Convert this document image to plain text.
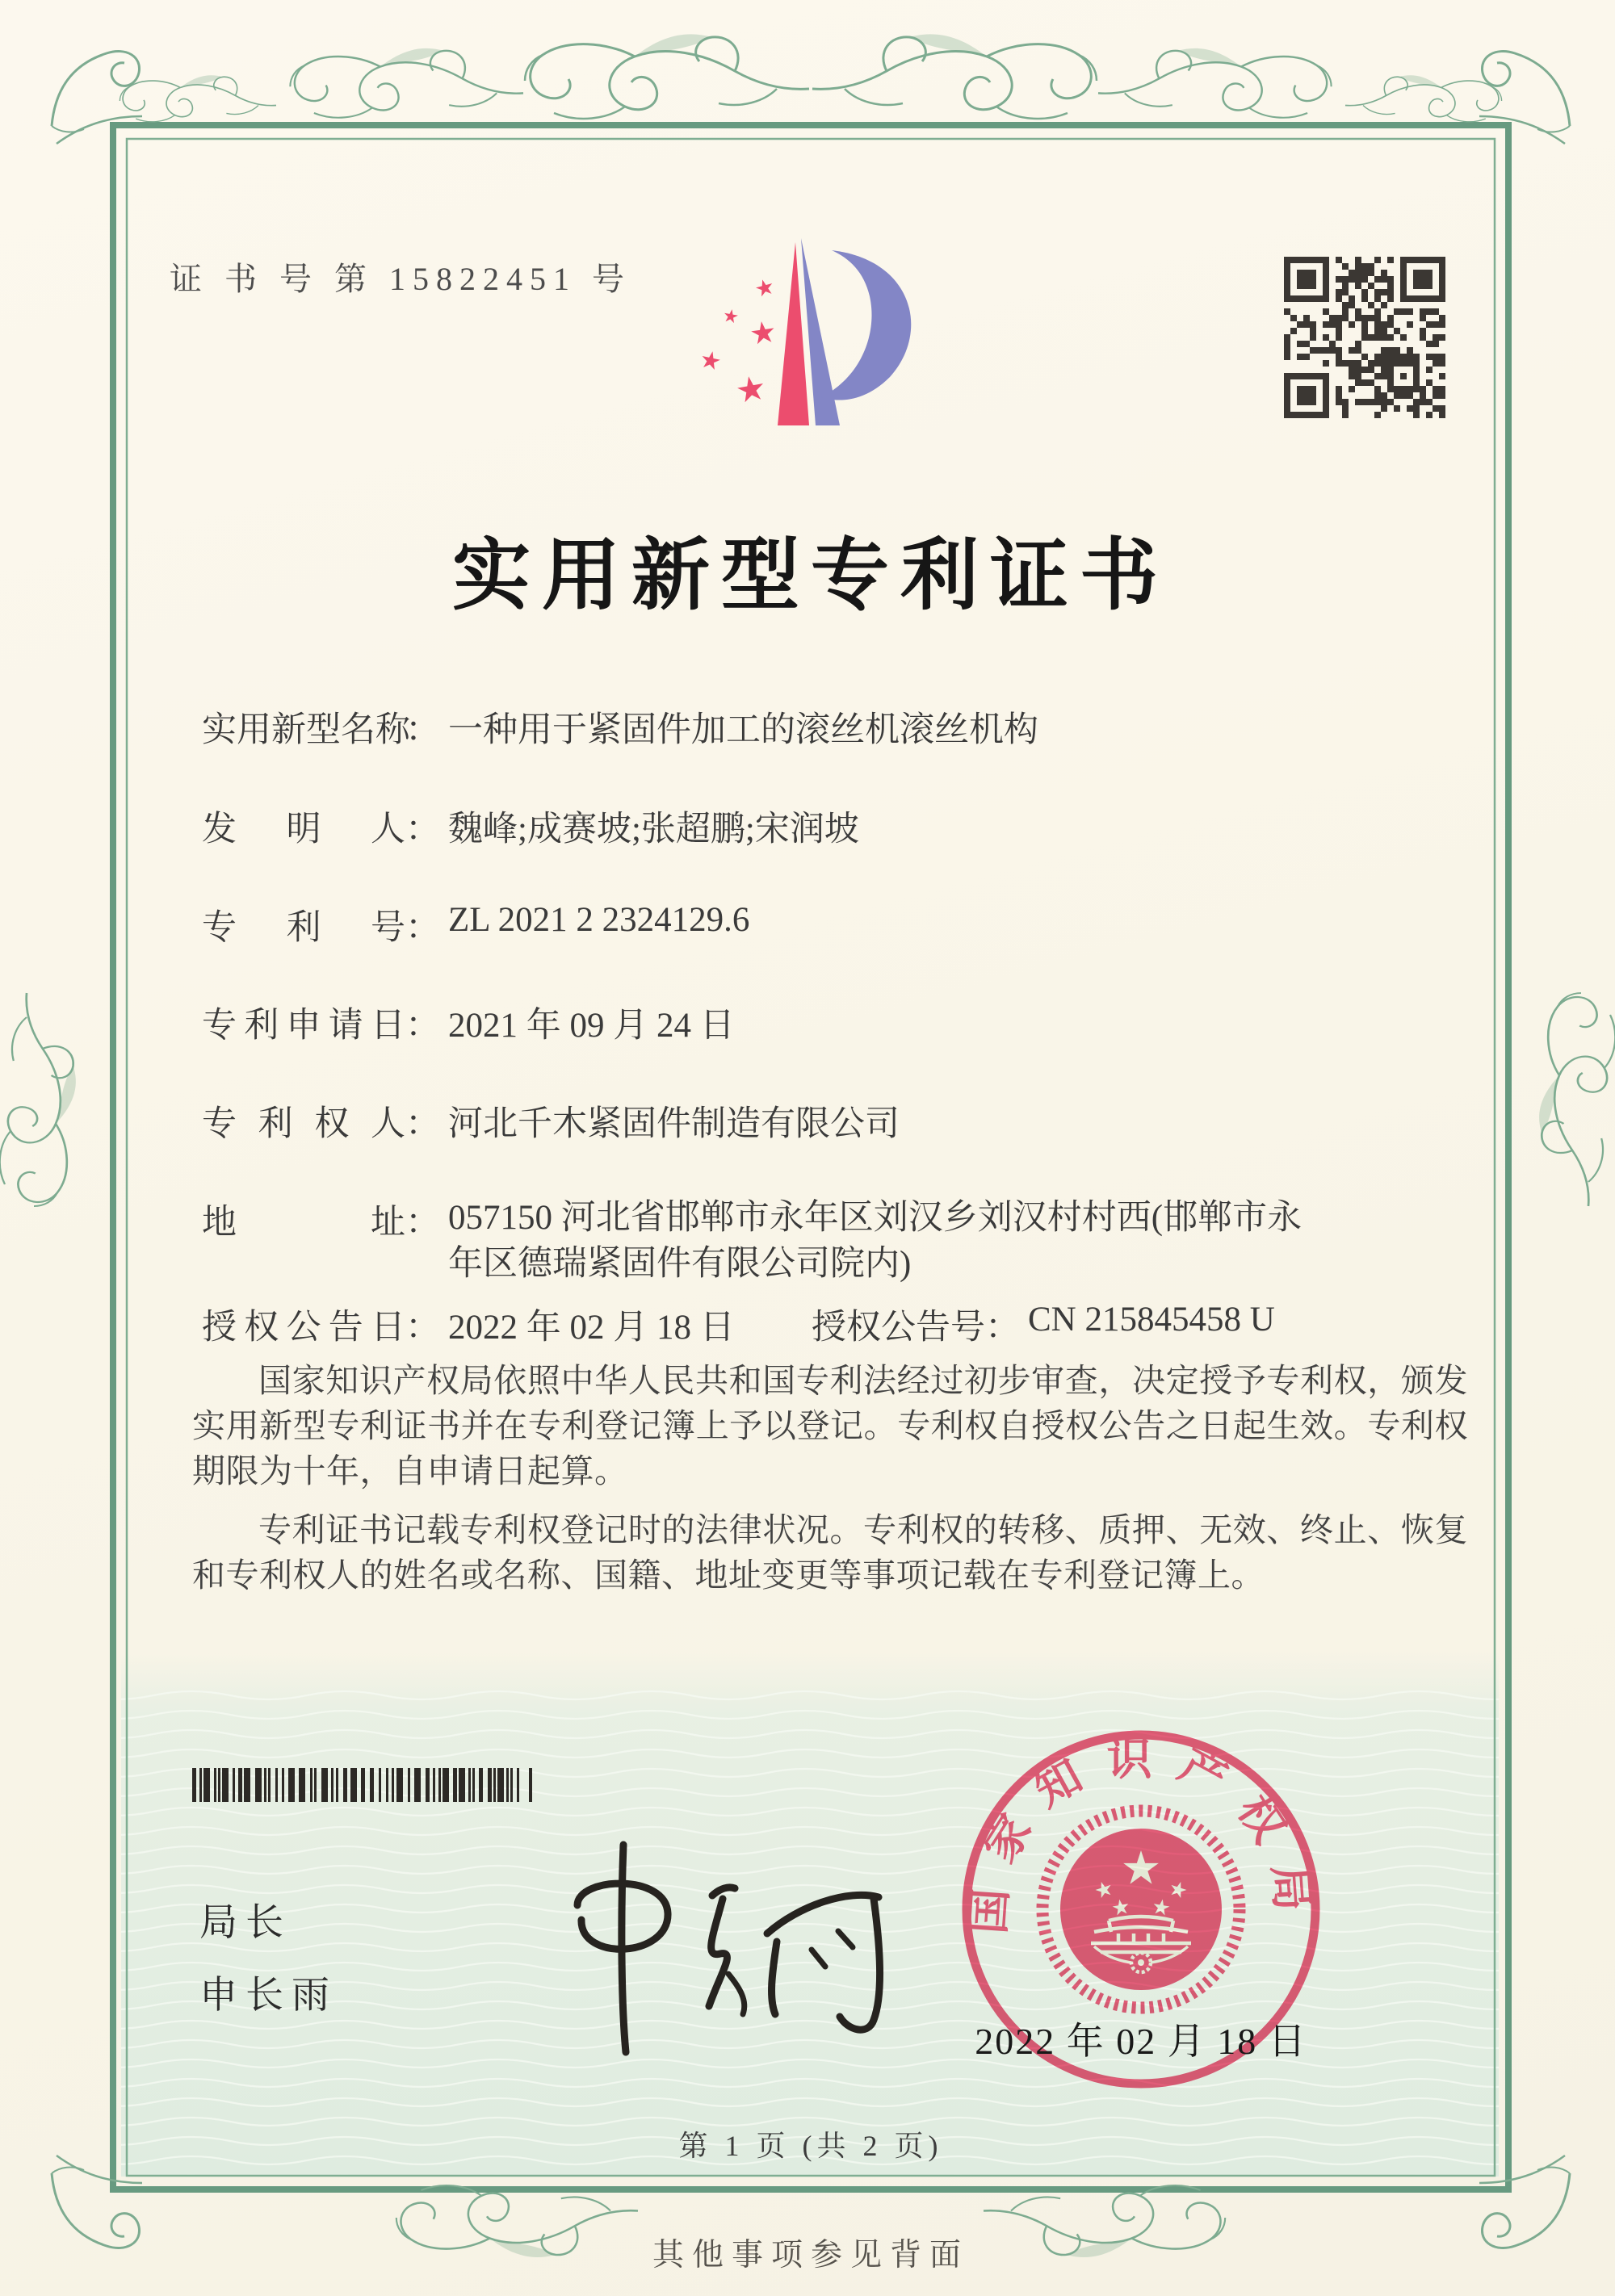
证 书 号 第 15822451 号
实用新型专利证书
实用新型名称： 一种用于紧固件加工的滚丝机滚丝机构
发 明 人： 魏峰;成赛坡;张超鹏;宋润坡
专 利 号： ZL 2021 2 2324129.6
专利申请日： 2021 年 09 月 24 日
专 利 权 人： 河北千木紧固件制造有限公司
地 址： 057150 河北省邯郸市永年区刘汉乡刘汉村村西(邯郸市永
年区德瑞紧固件有限公司院内)
授权公告日： 2022 年 02 月 18 日 授权公告号： CN 215845458 U

国家知识产权局依照中华人民共和国专利法经过初步审查，决定授予专利权，颁发实用新型专利证书并在专利登记簿上予以登记。专利权自授权公告之日起生效。专利权期限为十年，自申请日起算。

专利证书记载专利权登记时的法律状况。专利权的转移、质押、无效、终止、恢复和专利权人的姓名或名称、国籍、地址变更等事项记载在专利登记簿上。

局长
申长雨
国家知识产权局
2022 年 02 月 18 日
第 1 页 (共 2 页)
其他事项参见背面
